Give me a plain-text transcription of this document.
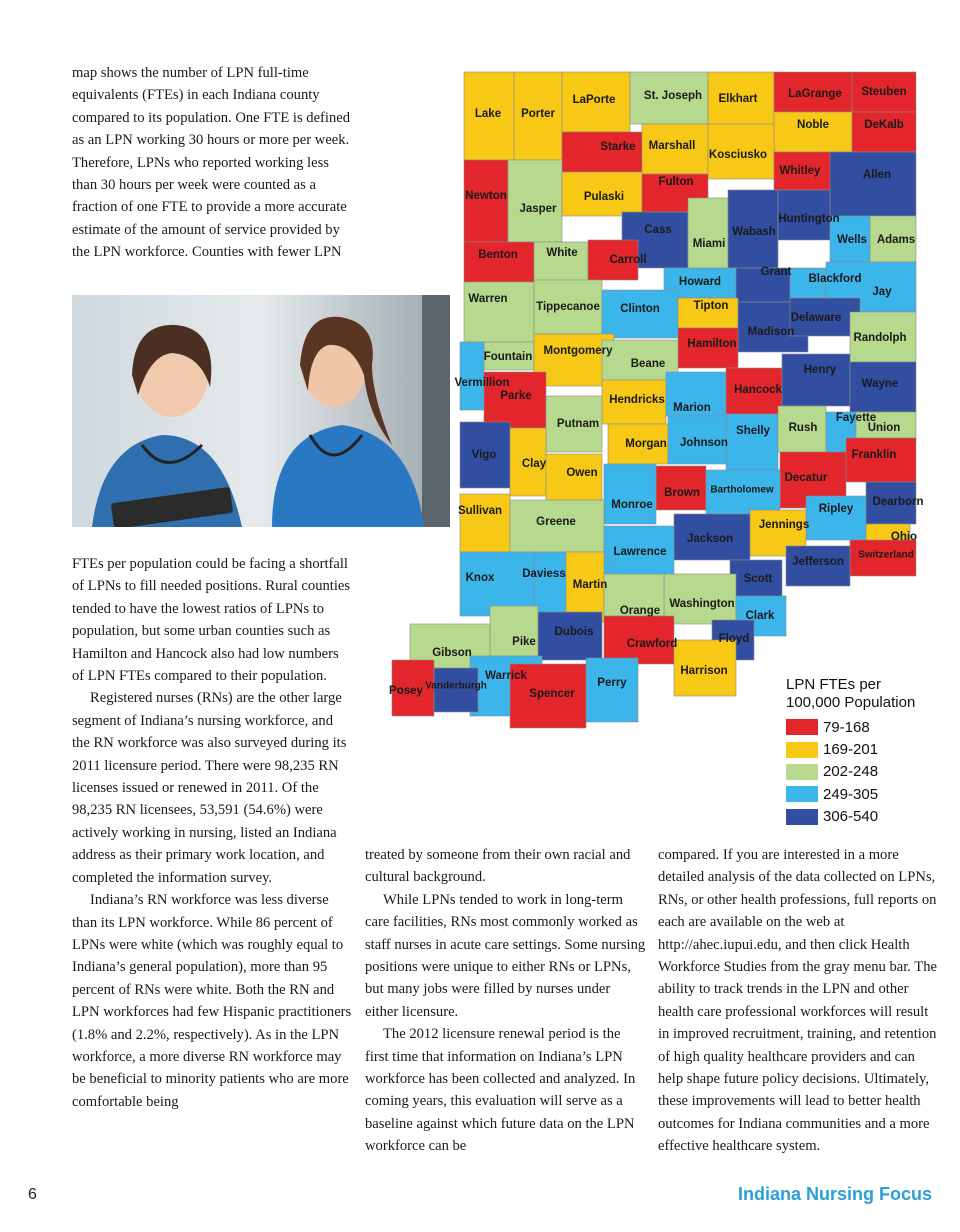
map shows the number of LPN full-time equivalents (FTEs) in each Indiana county compared to its population. One FTE is defined as an LPN working 30 hours or more per week. Therefore, LPNs who reported working less than 30 hours per week were counted as a fraction of one FTE to provide a more accurate estimate of the amount of service provided by the LPN workforce. Counties with fewer LPN

FTEs per population could be facing a shortfall of LPNs to fill needed positions. Rural counties tended to have the lowest ratios of LPNs to population, but some urban counties such as Hamilton and Hancock also had low numbers of LPN FTEs compared to their population.

Registered nurses (RNs) are the other large segment of Indiana’s nursing workforce, and the RN workforce was also surveyed during its 2011 licensure period. There were 98,235 RN licenses issued or renewed in 2011. Of the 98,235 RN licensees, 53,591 (54.6%) were actively working in nursing, listed an Indiana address as their primary work location, and completed the information survey.

Indiana’s RN workforce was less diverse than its LPN workforce. While 86 percent of LPNs were white (which was roughly equal to Indiana’s general population), more than 95 percent of RNs were white. Both the RN and LPN workforces had few Hispanic practitioners (1.8% and 2.2%, respectively). As in the LPN workforce, a more diverse RN workforce may be beneficial to minority patients who are more comfortable being

treated by someone from their own racial and cultural background.

While LPNs tended to work in long-term care facilities, RNs most commonly worked as staff nurses in acute care settings. Some nursing positions were unique to either RNs or LPNs, but many jobs were filled by nurses under either licensure.

The 2012 licensure renewal period is the first time that information on Indiana’s LPN workforce has been collected and analyzed. In coming years, this evaluation will serve as a baseline against which future data on the LPN workforce can be

compared. If you are interested in a more detailed analysis of the data collected on LPNs, RNs, or other health professions, full reports on each are available on the web at http://ahec.iupui.edu, and then click Health Workforce Studies from the gray menu bar. The ability to track trends in the LPN and other health care professional workforces will result in improved recruitment, training, and retention of high quality healthcare providers and can help shape future policy decisions. Ultimately, these improvements will lead to better health outcomes for Indiana communities and a more effective healthcare system.

Lake Porter
LaPorte St. Joseph Elkhart	LaGrange Steuben
Noble	DeKalb
Starke Marshall
Kosciusko
Whitley	Allen
Newton
Jasper
Pulaski
Fulton
Cass
Miami
Wabash
Huntington
Wells Adams
Benton White
Carroll
Howard
Grant
Blackford
Jay
Warren
Tippecanoe Clinton	Tipton
Madison
Delaware
Randolph
Fountain Montgomery
Hamilton
Beane
Vermillion
Parke	Hendricks
Marion
Hancock
Henry
Wayne
Putnam
Shelly Rush
Fayette
Union
Vigo
Clay
Morgan Johnson
Franklin
Owen	Decatur
Brown Bartholomew
Monroe
Sullivan
Greene
Ripley
Dearborn
Jennings
Ohio
Jackson
Lawrence	Switzerland
Jefferson
Knox Daviess
Martin	Scott
Washington
Orange	Clark
Dubois
Pike	Crawford	Floyd
Gibson
Harrison
Warrick
Perry
Posey Vanderburgh
Spencer
LPN FTEs per
100,000 Population
79-168
169-201
202-248
249-305
306-540
6	Indiana Nursing Focus
